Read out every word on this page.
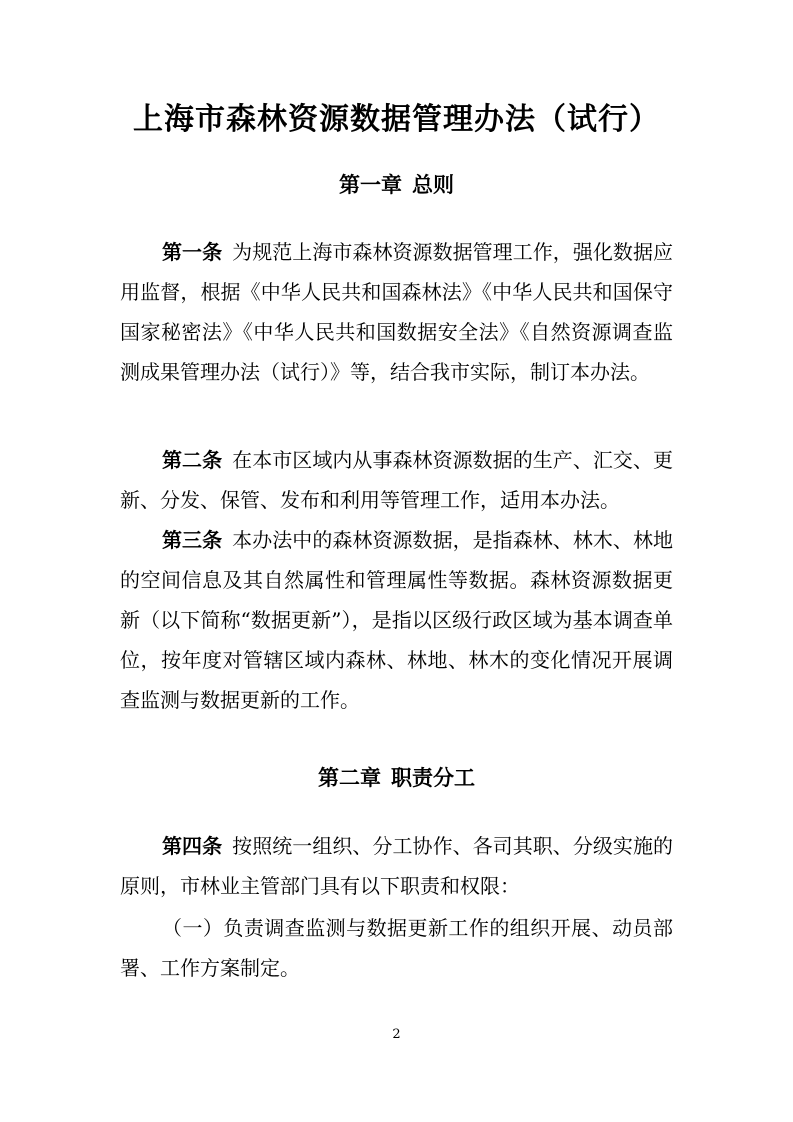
上海市森林资源数据管理办法（试行）
第一章 总则
第一条 为规范上海市森林资源数据管理工作，强化数据应用监督，根据《中华人民共和国森林法》《中华人民共和国保守国家秘密法》《中华人民共和国数据安全法》《自然资源调查监测成果管理办法（试行）》等，结合我市实际，制订本办法。
第二条 在本市区域内从事森林资源数据的生产、汇交、更新、分发、保管、发布和利用等管理工作，适用本办法。
第三条 本办法中的森林资源数据，是指森林、林木、林地的空间信息及其自然属性和管理属性等数据。森林资源数据更新（以下简称“数据更新”），是指以区级行政区域为基本调查单位，按年度对管辖区域内森林、林地、林木的变化情况开展调查监测与数据更新的工作。
第二章 职责分工
第四条 按照统一组织、分工协作、各司其职、分级实施的原则，市林业主管部门具有以下职责和权限：
（一）负责调查监测与数据更新工作的组织开展、动员部署、工作方案制定。
2
